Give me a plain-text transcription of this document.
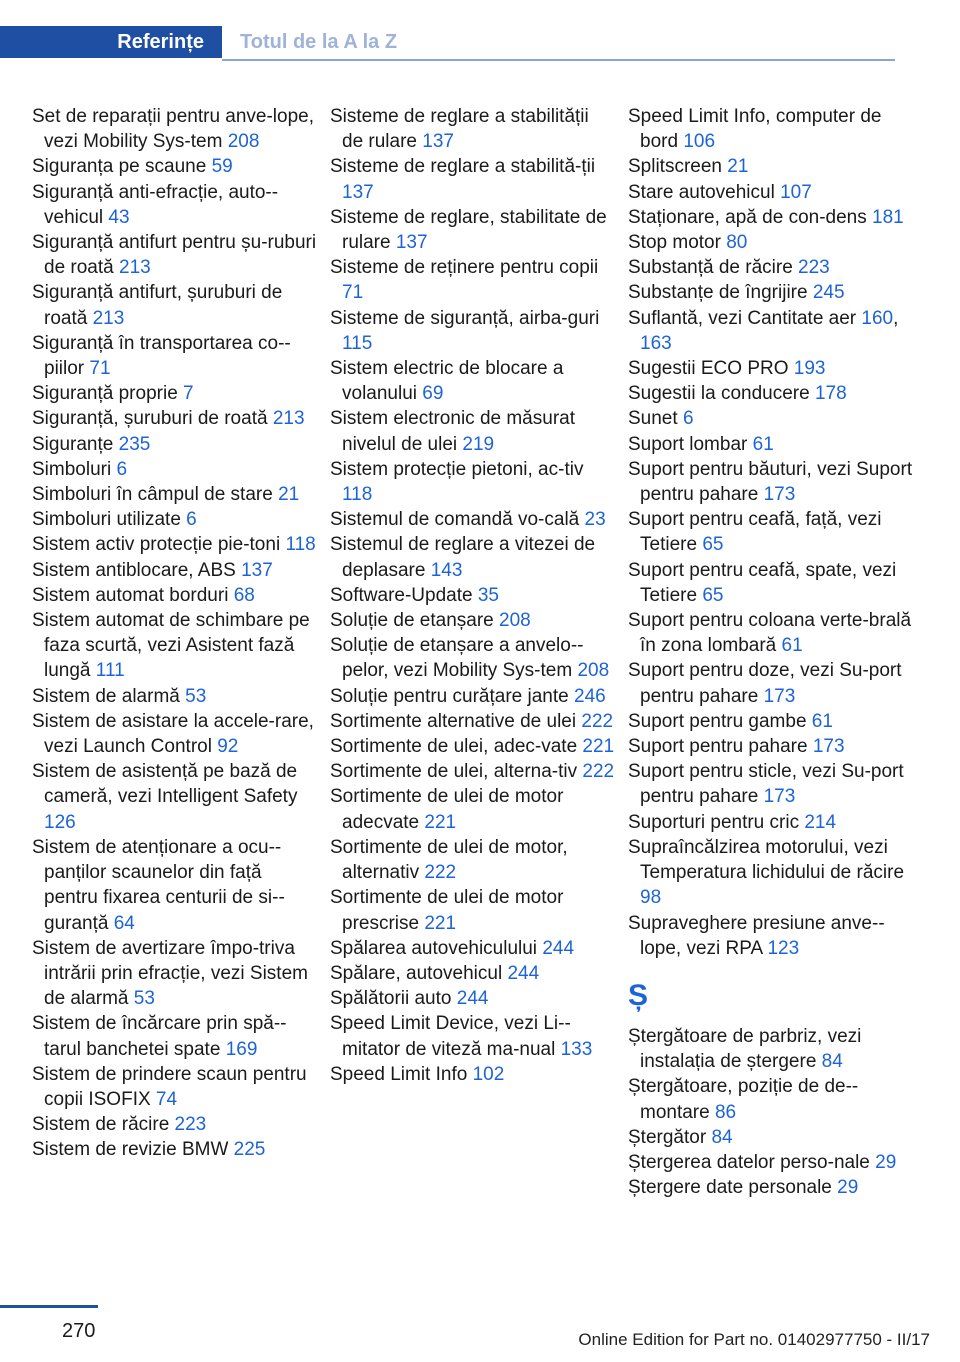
Referințe	Totul de la A la Z
Set de reparații pentru anve-lope, vezi Mobility Sys-tem 208
Siguranța pe scaune 59
Siguranță anti-efracție, auto-vehicul 43
Siguranță antifurt pentru șu-ruburi de roată 213
Siguranță antifurt, șuruburi de roată 213
Siguranță în transportarea co-piilor 71
Siguranță proprie 7
Siguranță, șuruburi de roată 213
Siguranțe 235
Simboluri 6
Simboluri în câmpul de stare 21
Simboluri utilizate 6
Sistem activ protecție pie-toni 118
Sistem antiblocare, ABS 137
Sistem automat borduri 68
Sistem automat de schimbare pe faza scurtă, vezi Asistent fază lungă 111
Sistem de alarmă 53
Sistem de asistare la accele-rare, vezi Launch Control 92
Sistem de asistență pe bază de cameră, vezi Intelligent Safety 126
Sistem de atenționare a ocu-panților scaunelor din față pentru fixarea centurii de si-guranță 64
Sistem de avertizare împo-triva intrării prin efracție, vezi Sistem de alarmă 53
Sistem de încărcare prin spă-tarul banchetei spate 169
Sistem de prindere scaun pentru copii ISOFIX 74
Sistem de răcire 223
Sistem de revizie BMW 225
Sisteme de reglare a stabilității de rulare 137
Sisteme de reglare a stabilită-ții 137
Sisteme de reglare, stabilitate de rulare 137
Sisteme de reținere pentru copii 71
Sisteme de siguranță, airba-guri 115
Sistem electric de blocare a volanului 69
Sistem electronic de măsurat nivelul de ulei 219
Sistem protecție pietoni, ac-tiv 118
Sistemul de comandă vo-cală 23
Sistemul de reglare a vitezei de deplasare 143
Software-Update 35
Soluție de etanșare 208
Soluție de etanșare a anvelo-pelor, vezi Mobility Sys-tem 208
Soluție pentru curățare jante 246
Sortimente alternative de ulei 222
Sortimente de ulei, adec-vate 221
Sortimente de ulei, alterna-tiv 222
Sortimente de ulei de motor adecvate 221
Sortimente de ulei de motor, alternativ 222
Sortimente de ulei de motor prescrise 221
Spălarea autovehiculului 244
Spălare, autovehicul 244
Spălătorii auto 244
Speed Limit Device, vezi Li-mitator de viteză ma-nual 133
Speed Limit Info 102
Speed Limit Info, computer de bord 106
Splitscreen 21
Stare autovehicul 107
Staționare, apă de con-dens 181
Stop motor 80
Substanță de răcire 223
Substanțe de îngrijire 245
Suflantă, vezi Cantitate aer 160, 163
Sugestii ECO PRO 193
Sugestii la conducere 178
Sunet 6
Suport lombar 61
Suport pentru băuturi, vezi Suport pentru pahare 173
Suport pentru ceafă, față, vezi Tetiere 65
Suport pentru ceafă, spate, vezi Tetiere 65
Suport pentru coloana verte-brală în zona lombară 61
Suport pentru doze, vezi Su-port pentru pahare 173
Suport pentru gambe 61
Suport pentru pahare 173
Suport pentru sticle, vezi Su-port pentru pahare 173
Suporturi pentru cric 214
Supraîncălzirea motorului, vezi Temperatura lichidului de răcire 98
Supraveghere presiune anve-lope, vezi RPA 123
Ș
Ștergătoare de parbriz, vezi instalația de ștergere 84
Ștergătoare, poziție de de-montare 86
Ștergător 84
Ștergerea datelor perso-nale 29
Ștergere date personale 29
270	Online Edition for Part no. 01402977750 - II/17
